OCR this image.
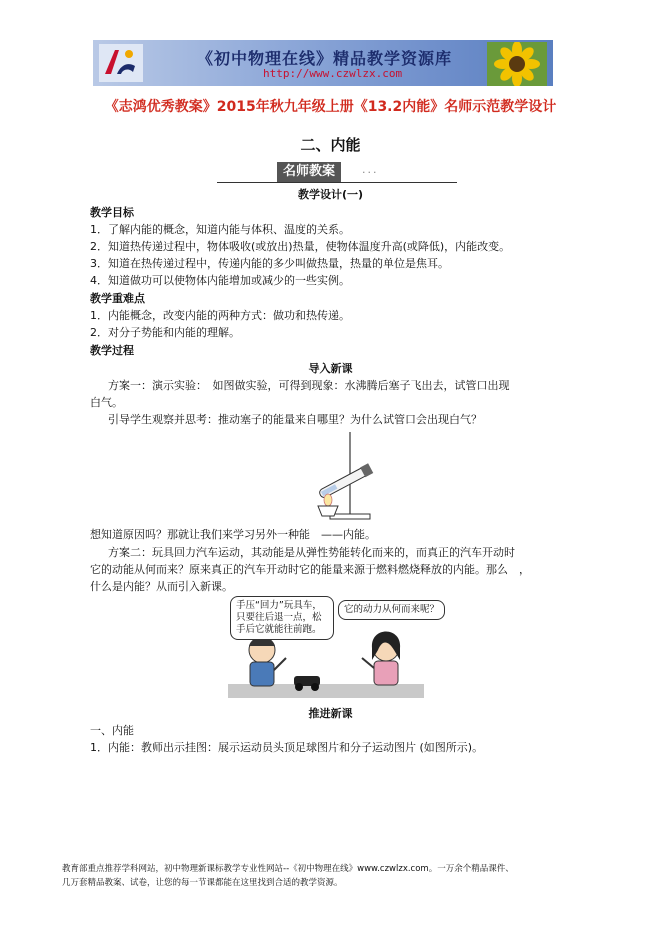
《初中物理在线》精品教学资源库
http://www.czwlzx.com
《志鸿优秀教案》2015年秋九年级上册《13.2内能》名师示范教学设计
二、内能
名师教案	···
教学设计(一)
教学目标
1．了解内能的概念，知道内能与体积、温度的关系。
2．知道热传递过程中，物体吸收(或放出)热量，使物体温度升高(或降低)，内能改变。
3．知道在热传递过程中，传递内能的多少叫做热量，热量的单位是焦耳。
4．知道做功可以使物体内能增加或减少的一些实例。
教学重难点
1．内能概念，改变内能的两种方式：做功和热传递。
2．对分子势能和内能的理解。
教学过程
导入新课
方案一：演示实验：　如图做实验，可得到现象：水沸腾后塞子飞出去，试管口出现
白气。
引导学生观察并思考：推动塞子的能量来自哪里？为什么试管口会出现白气？
想知道原因吗？那就让我们来学习另外一种能　——内能。
方案二：玩具回力汽车运动，其动能是从弹性势能转化而来的，而真正的汽车开动时
它的动能从何而来？原来真正的汽车开动时它的能量来源于燃料燃烧释放的内能。那么　，
什么是内能？从而引入新课。
手压“回力”玩具车，
只要往后退一点，松
手后它就能往前跑。
它的动力从何而来呢？
推进新课
一、内能
1．内能：教师出示挂图：展示运动员头顶足球图片和分子运动图片 (如图所示)。
教育部重点推荐学科网站，初中物理新课标教学专业性网站--《初中物理在线》www.czwlzx.com。一万余个精品课件、
几万套精品教案、试卷，让您的每一节课都能在这里找到合适的教学资源。
